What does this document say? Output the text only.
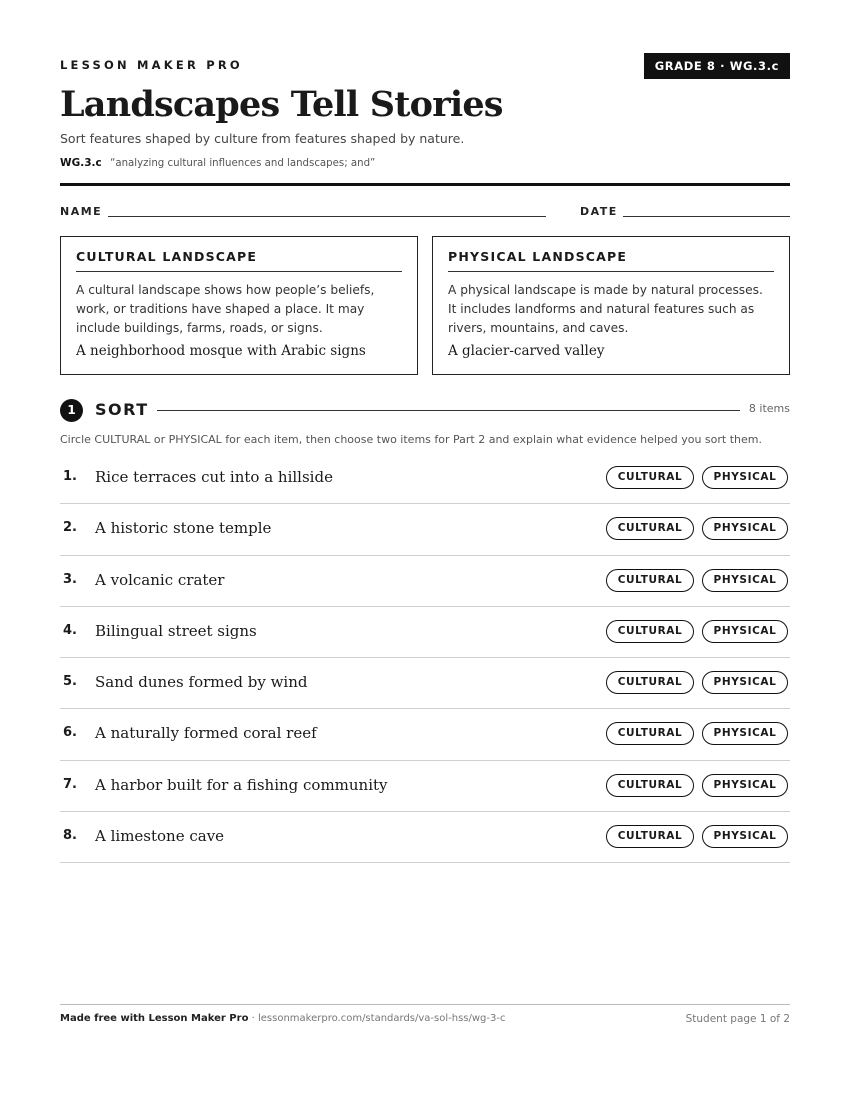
LESSON MAKER PRO	GRADE 8 · WG.3.c
Landscapes Tell Stories
Sort features shaped by culture from features shaped by nature.
WG.3.c “analyzing cultural influences and landscapes; and”
NAME	DATE
CULTURAL LANDSCAPE
A cultural landscape shows how people’s beliefs, work, or traditions have shaped a place. It may include buildings, farms, roads, or signs.
A neighborhood mosque with Arabic signs
PHYSICAL LANDSCAPE
A physical landscape is made by natural processes. It includes landforms and natural features such as rivers, mountains, and caves.
A glacier-carved valley
1	SORT	8 items
Circle CULTURAL or PHYSICAL for each item, then choose two items for Part 2 and explain what evidence helped you sort them.
1. Rice terraces cut into a hillside	CULTURAL	PHYSICAL
2. A historic stone temple	CULTURAL	PHYSICAL
3. A volcanic crater	CULTURAL	PHYSICAL
4. Bilingual street signs	CULTURAL	PHYSICAL
5. Sand dunes formed by wind	CULTURAL	PHYSICAL
6. A naturally formed coral reef	CULTURAL	PHYSICAL
7. A harbor built for a fishing community	CULTURAL	PHYSICAL
8. A limestone cave	CULTURAL	PHYSICAL
Made free with Lesson Maker Pro · lessonmakerpro.com/standards/va-sol-hss/wg-3-c	Student page 1 of 2
